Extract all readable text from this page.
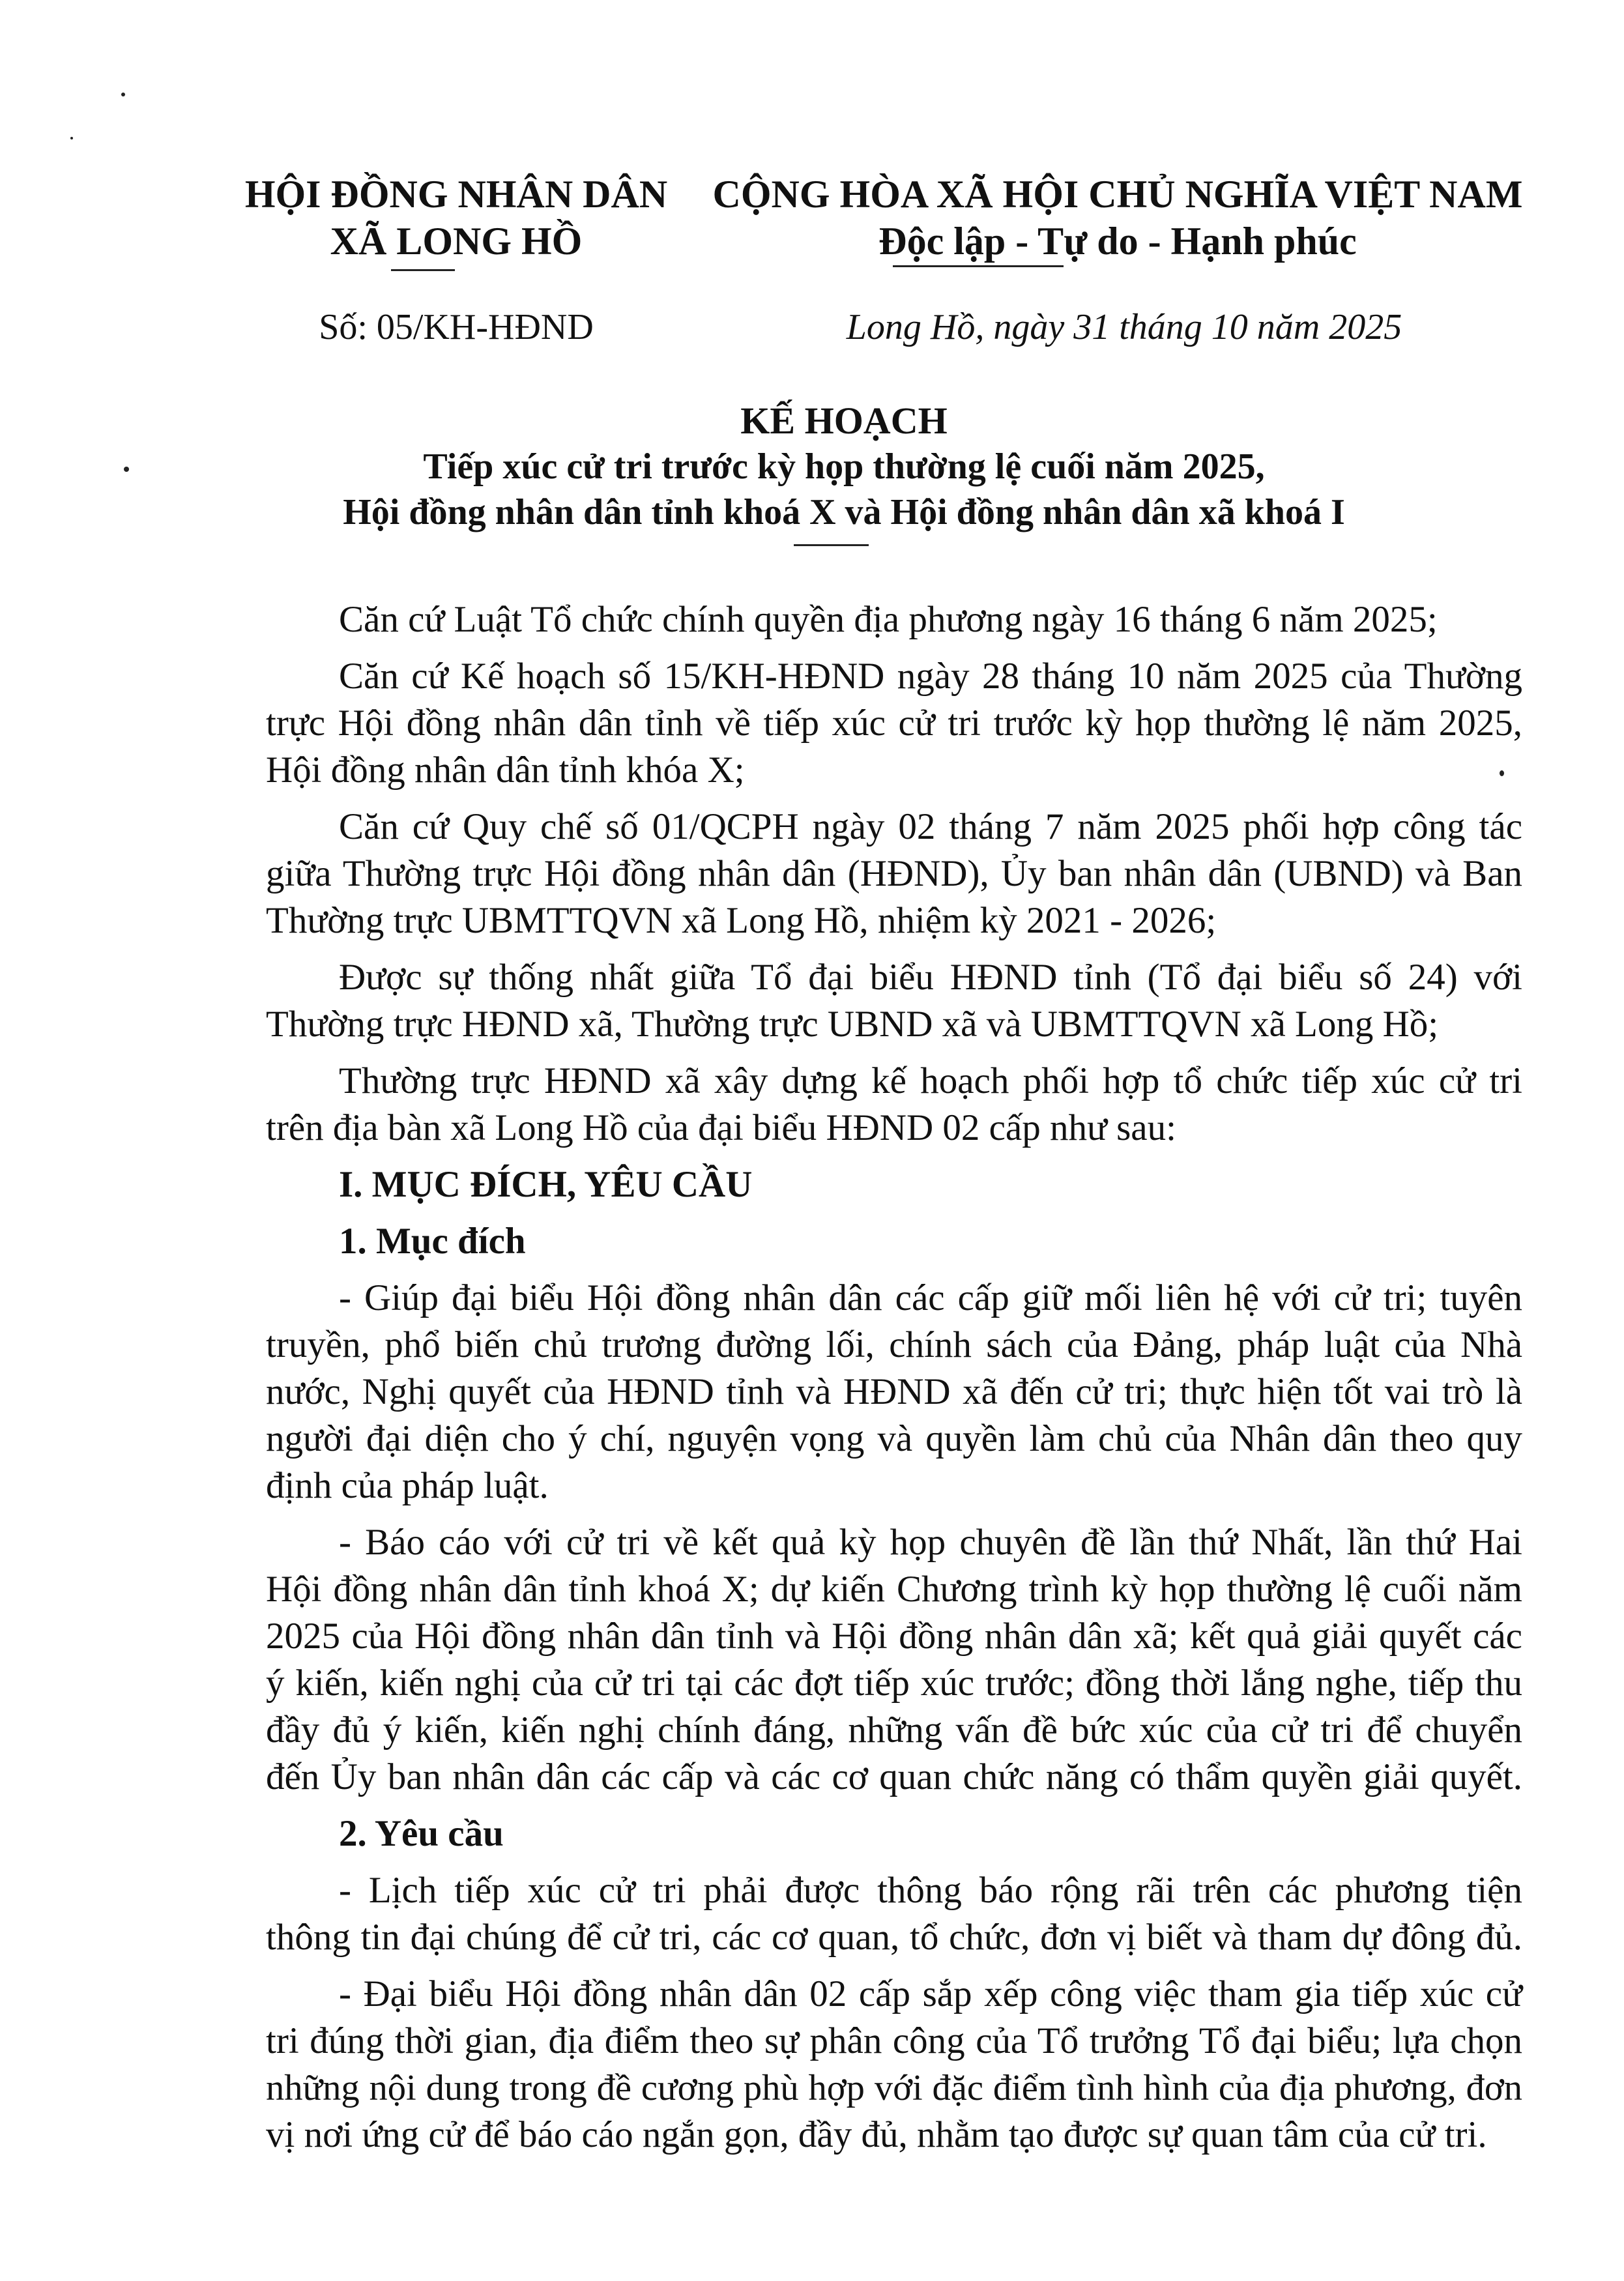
HỘI ĐỒNG NHÂN DÂN
XÃ LONG HỒ
CỘNG HÒA XÃ HỘI CHỦ NGHĨA VIỆT NAM
Độc lập - Tự do - Hạnh phúc
Số: 05/KH-HĐND	Long Hồ, ngày 31 tháng 10 năm 2025
KẾ HOẠCH
Tiếp xúc cử tri trước kỳ họp thường lệ cuối năm 2025,
Hội đồng nhân dân tỉnh khoá X và Hội đồng nhân dân xã khoá I
Căn cứ Luật Tổ chức chính quyền địa phương ngày 16 tháng 6 năm 2025;
Căn cứ Kế hoạch số 15/KH-HĐND ngày 28 tháng 10 năm 2025 của Thường
trực Hội đồng nhân dân tỉnh về tiếp xúc cử tri trước kỳ họp thường lệ năm 2025,
Hội đồng nhân dân tỉnh khóa X;
Căn cứ Quy chế số 01/QCPH ngày 02 tháng 7 năm 2025 phối hợp công tác
giữa Thường trực Hội đồng nhân dân (HĐND), Ủy ban nhân dân (UBND) và Ban
Thường trực UBMTTQVN xã Long Hồ, nhiệm kỳ 2021 - 2026;
Được sự thống nhất giữa Tổ đại biểu HĐND tỉnh (Tổ đại biểu số 24) với
Thường trực HĐND xã, Thường trực UBND xã và UBMTTQVN xã Long Hồ;
Thường trực HĐND xã xây dựng kế hoạch phối hợp tổ chức tiếp xúc cử tri
trên địa bàn xã Long Hồ của đại biểu HĐND 02 cấp như sau:
I. MỤC ĐÍCH, YÊU CẦU
1. Mục đích
- Giúp đại biểu Hội đồng nhân dân các cấp giữ mối liên hệ với cử tri; tuyên
truyền, phổ biến chủ trương đường lối, chính sách của Đảng, pháp luật của Nhà
nước, Nghị quyết của HĐND tỉnh và HĐND xã đến cử tri; thực hiện tốt vai trò là
người đại diện cho ý chí, nguyện vọng và quyền làm chủ của Nhân dân theo quy
định của pháp luật.
- Báo cáo với cử tri về kết quả kỳ họp chuyên đề lần thứ Nhất, lần thứ Hai
Hội đồng nhân dân tỉnh khoá X; dự kiến Chương trình kỳ họp thường lệ cuối năm
2025 của Hội đồng nhân dân tỉnh và Hội đồng nhân dân xã; kết quả giải quyết các
ý kiến, kiến nghị của cử tri tại các đợt tiếp xúc trước; đồng thời lắng nghe, tiếp thu
đầy đủ ý kiến, kiến nghị chính đáng, những vấn đề bức xúc của cử tri để chuyển
đến Ủy ban nhân dân các cấp và các cơ quan chức năng có thẩm quyền giải quyết.
2. Yêu cầu
- Lịch tiếp xúc cử tri phải được thông báo rộng rãi trên các phương tiện
thông tin đại chúng để cử tri, các cơ quan, tổ chức, đơn vị biết và tham dự đông đủ.
- Đại biểu Hội đồng nhân dân 02 cấp sắp xếp công việc tham gia tiếp xúc cử
tri đúng thời gian, địa điểm theo sự phân công của Tổ trưởng Tổ đại biểu; lựa chọn
những nội dung trong đề cương phù hợp với đặc điểm tình hình của địa phương, đơn
vị nơi ứng cử để báo cáo ngắn gọn, đầy đủ, nhằm tạo được sự quan tâm của cử tri.
